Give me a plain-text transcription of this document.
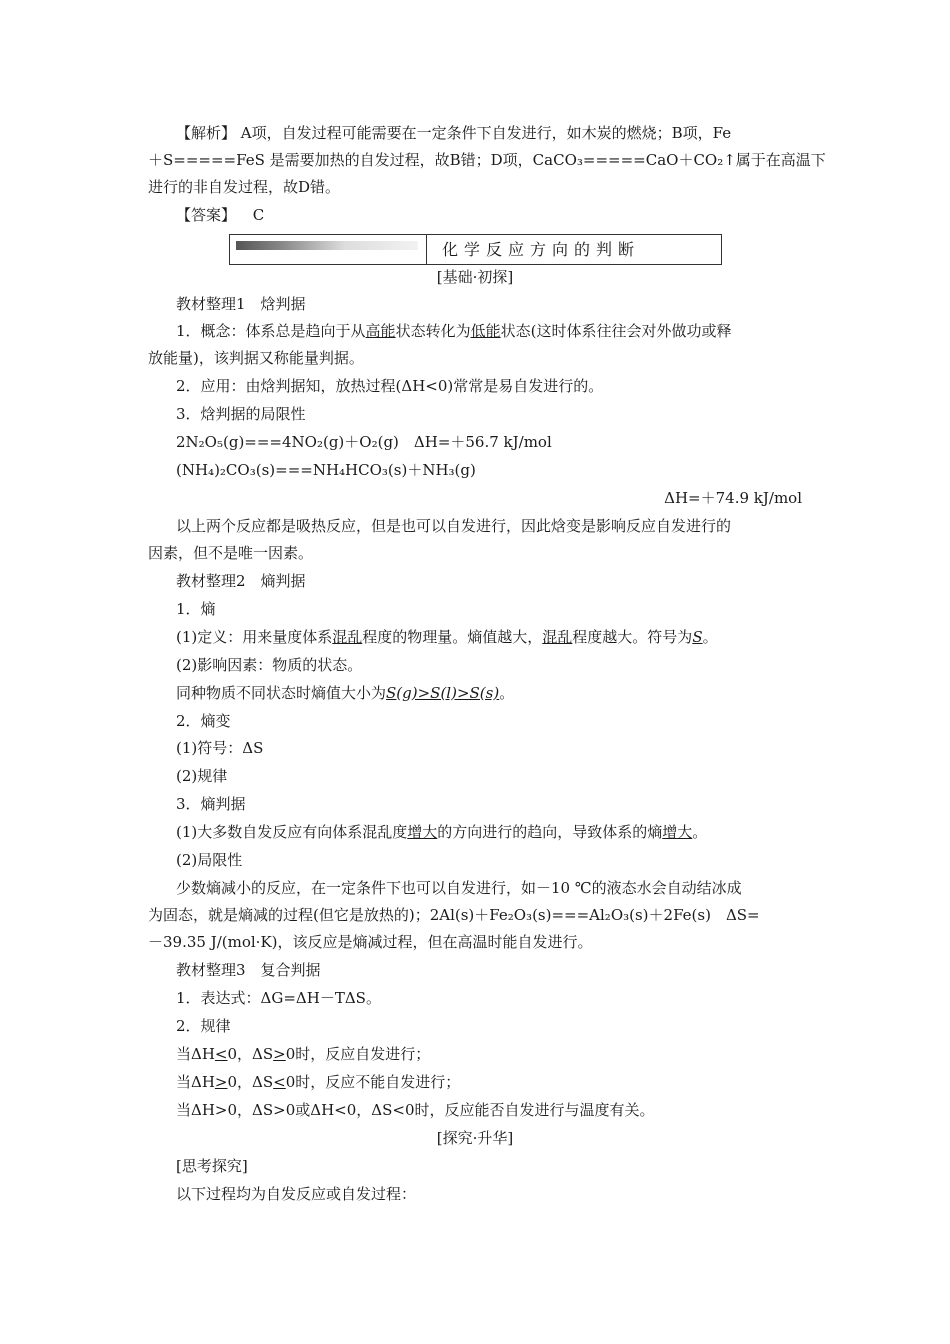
【解析】 A项，自发过程可能需要在一定条件下自发进行，如木炭的燃烧；B项，Fe
＋S=====FeS 是需要加热的自发过程，故B错；D项，CaCO₃=====CaO＋CO₂↑属于在高温下
进行的非自发过程，故D错。
【答案】 C
化学反应方向的判断
[基础·初探]
教材整理1　焓判据
1．概念：体系总是趋向于从高能状态转化为低能状态(这时体系往往会对外做功或释
放能量)，该判据又称能量判据。
2．应用：由焓判据知，放热过程(ΔH<0)常常是易自发进行的。
3．焓判据的局限性
2N₂O₅(g)===4NO₂(g)＋O₂(g)　ΔH=＋56.7 kJ/mol
(NH₄)₂CO₃(s)===NH₄HCO₃(s)＋NH₃(g)
ΔH=＋74.9 kJ/mol
以上两个反应都是吸热反应，但是也可以自发进行，因此焓变是影响反应自发进行的
因素，但不是唯一因素。
教材整理2　熵判据
1．熵
(1)定义：用来量度体系混乱程度的物理量。熵值越大，混乱程度越大。符号为S。
(2)影响因素：物质的状态。
同种物质不同状态时熵值大小为S(g)>S(l)>S(s)。
2．熵变
(1)符号：ΔS
(2)规律
3．熵判据
(1)大多数自发反应有向体系混乱度增大的方向进行的趋向，导致体系的熵增大。
(2)局限性
少数熵减小的反应，在一定条件下也可以自发进行，如－10 ℃的液态水会自动结冰成
为固态，就是熵减的过程(但它是放热的)；2Al(s)＋Fe₂O₃(s)===Al₂O₃(s)＋2Fe(s)　ΔS=
－39.35 J/(mol·K)，该反应是熵减过程，但在高温时能自发进行。
教材整理3　复合判据
1．表达式：ΔG=ΔH－TΔS。
2．规律
当ΔH<0，ΔS>0时，反应自发进行；
当ΔH>0，ΔS<0时，反应不能自发进行；
当ΔH>0，ΔS>0或ΔH<0，ΔS<0时，反应能否自发进行与温度有关。
[探究·升华]
[思考探究]
以下过程均为自发反应或自发过程：
